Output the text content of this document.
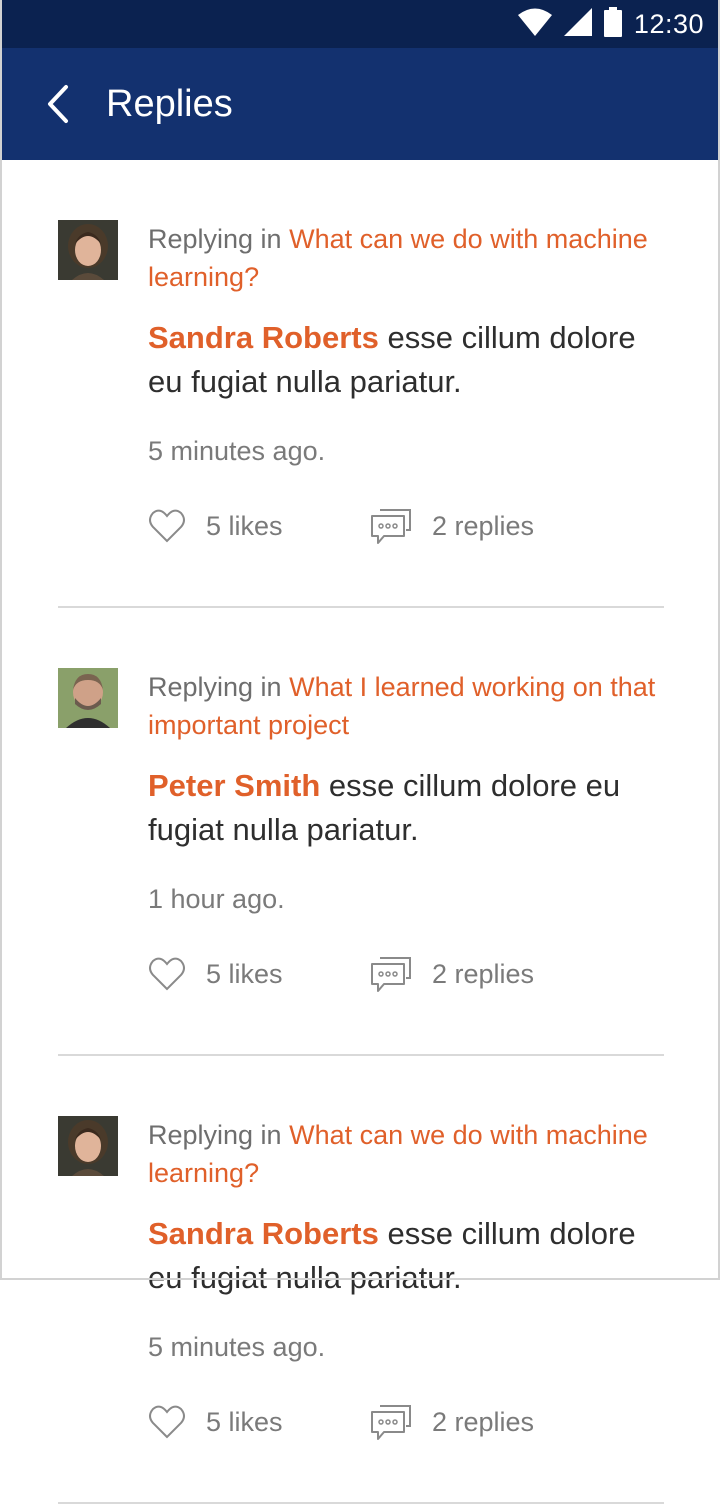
12:30
Replies

Replying in What can we do with machine learning?

Sandra Roberts esse cillum dolore eu fugiat nulla pariatur.

5 minutes ago.

5 likes	2 replies

Replying in What I learned working on that important project

Peter Smith esse cillum dolore eu fugiat nulla pariatur.

1 hour ago.

5 likes	2 replies

Replying in What can we do with machine learning?

Sandra Roberts esse cillum dolore eu fugiat nulla pariatur.

5 minutes ago.

5 likes	2 replies
